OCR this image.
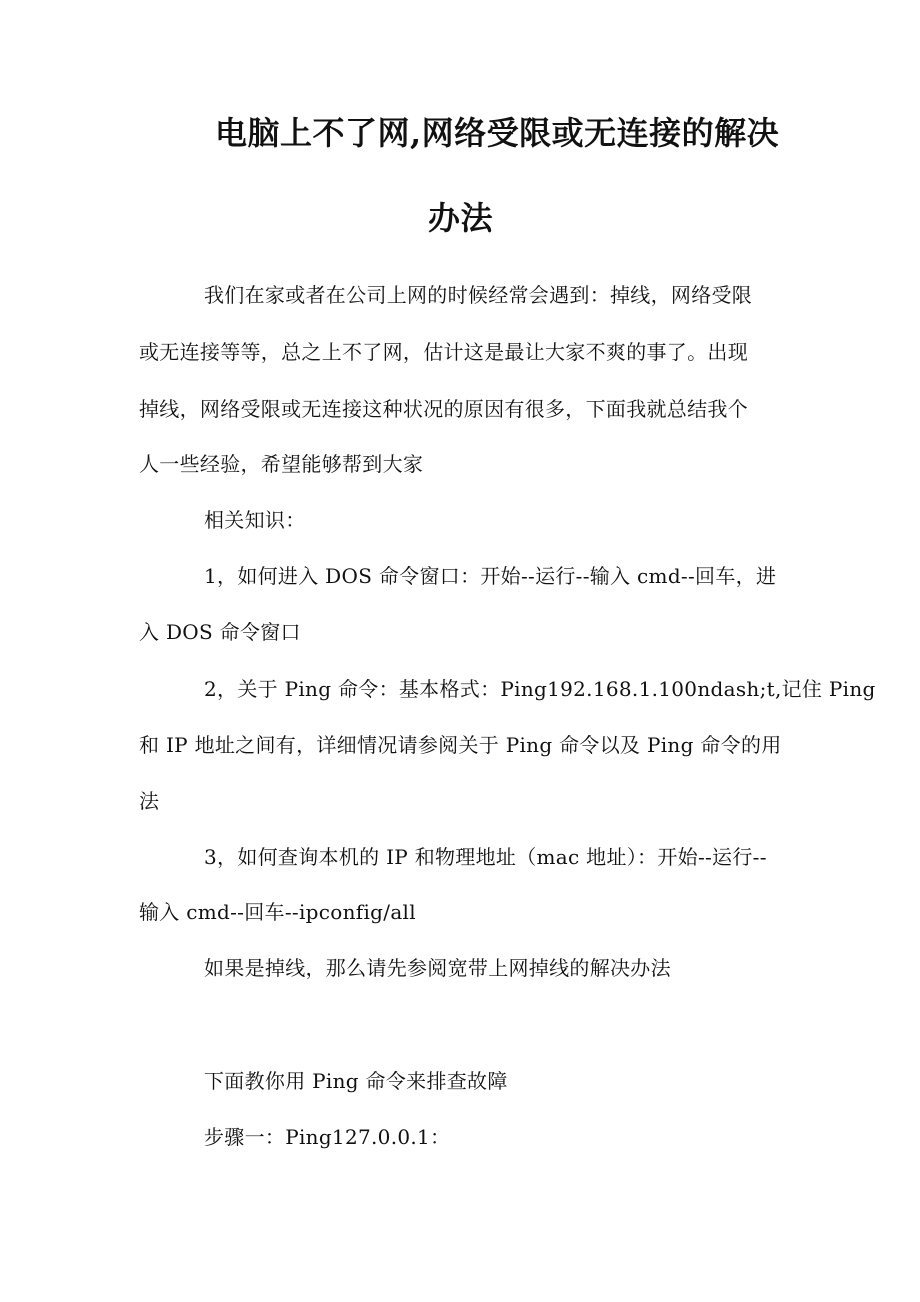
电脑上不了网,网络受限或无连接的解决
办法
我们在家或者在公司上网的时候经常会遇到：掉线，网络受限
或无连接等等，总之上不了网，估计这是最让大家不爽的事了。出现
掉线，网络受限或无连接这种状况的原因有很多，下面我就总结我个
人一些经验，希望能够帮到大家
相关知识：
1，如何进入 DOS 命令窗口：开始--运行--输入 cmd--回车，进
入 DOS 命令窗口
2，关于 Ping 命令：基本格式：Ping192.168.1.100ndash;t,记住 Ping
和 IP 地址之间有，详细情况请参阅关于 Ping 命令以及 Ping 命令的用
法
3，如何查询本机的 IP 和物理地址（mac 地址）：开始--运行--
输入 cmd--回车--ipconfig/all
如果是掉线，那么请先参阅宽带上网掉线的解决办法
下面教你用 Ping 命令来排查故障
步骤一：Ping127.0.0.1：
